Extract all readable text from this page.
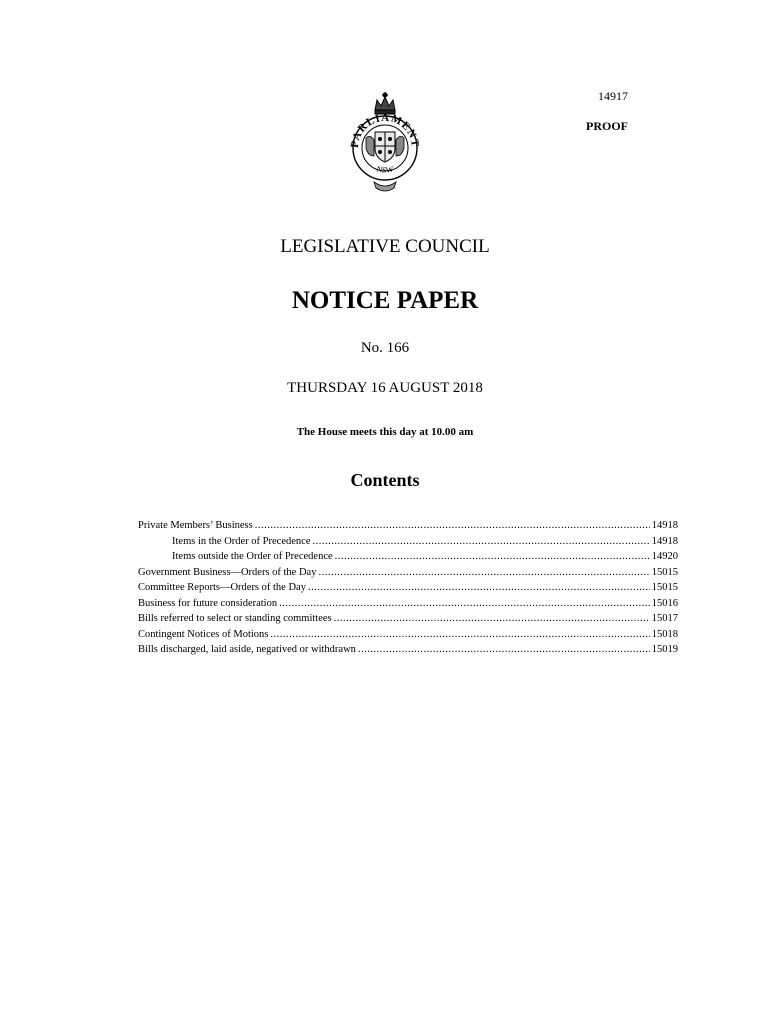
14917
PROOF
PARLIAMENT
NSW
LEGISLATIVE COUNCIL
NOTICE PAPER
No. 166
THURSDAY 16 AUGUST 2018
The House meets this day at 10.00 am
Contents
Private Members’ Business .....	14918
Items in the Order of Precedence .....	14918
Items outside the Order of Precedence .....	14920
Government Business—Orders of the Day .....	15015
Committee Reports—Orders of the Day .....	15015
Business for future consideration .....	15016
Bills referred to select or standing committees .....	15017
Contingent Notices of Motions .....	15018
Bills discharged, laid aside, negatived or withdrawn .....	15019
